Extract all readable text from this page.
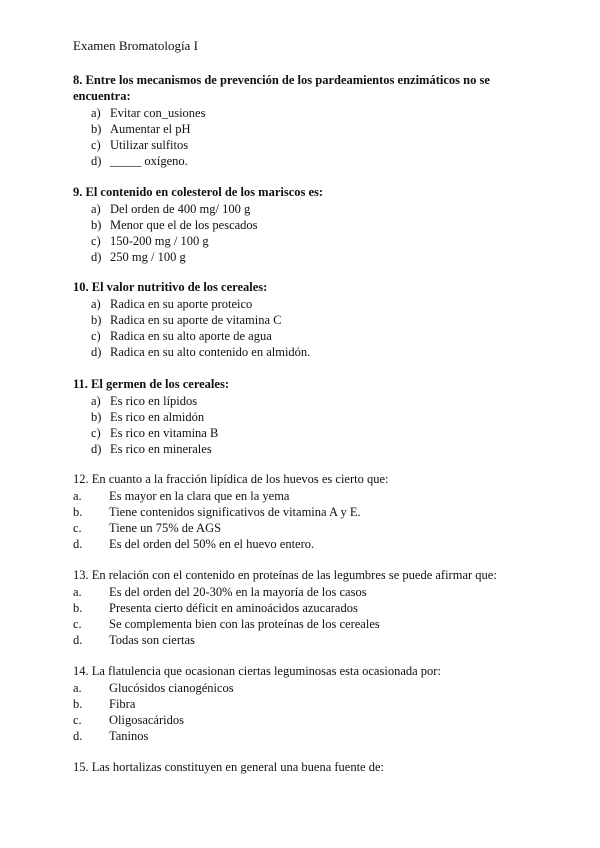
Examen Bromatología I
8. Entre los mecanismos de prevención de los pardeamientos enzimáticos no se encuentra:
a) Evitar con_usiones
b) Aumentar el pH
c) Utilizar sulfitos
d) _____ oxígeno.
9. El contenido en colesterol de los mariscos es:
a) Del orden de 400 mg/ 100 g
b) Menor que el de los pescados
c) 150-200 mg / 100 g
d) 250 mg / 100 g
10. El valor nutritivo de los cereales:
a) Radica en su aporte proteico
b) Radica en su aporte de vitamina C
c) Radica en su alto aporte de agua
d) Radica en su alto contenido en almidón.
11. El germen de los cereales:
a) Es rico en lípidos
b) Es rico en almidón
c) Es rico en vitamina B
d) Es rico en minerales
12. En cuanto a la fracción lipídica de los huevos es cierto que:
a.	Es mayor en la clara que en la yema
b.	Tiene contenidos significativos de vitamina A y E.
c.	Tiene un 75% de AGS
d.	Es del orden del 50% en el huevo entero.
13. En relación con el contenido en proteínas de las legumbres se puede afirmar que:
a.	Es del orden del 20-30% en la mayoría de los casos
b.	Presenta cierto déficit en aminoácidos azucarados
c.	Se complementa bien con las proteínas de los cereales
d.	Todas son ciertas
14. La flatulencia que ocasionan ciertas leguminosas esta ocasionada por:
a.	Glucósidos cianogénicos
b.	Fibra
c.	Oligosacáridos
d.	Taninos
15. Las hortalizas constituyen en general una buena fuente de:
